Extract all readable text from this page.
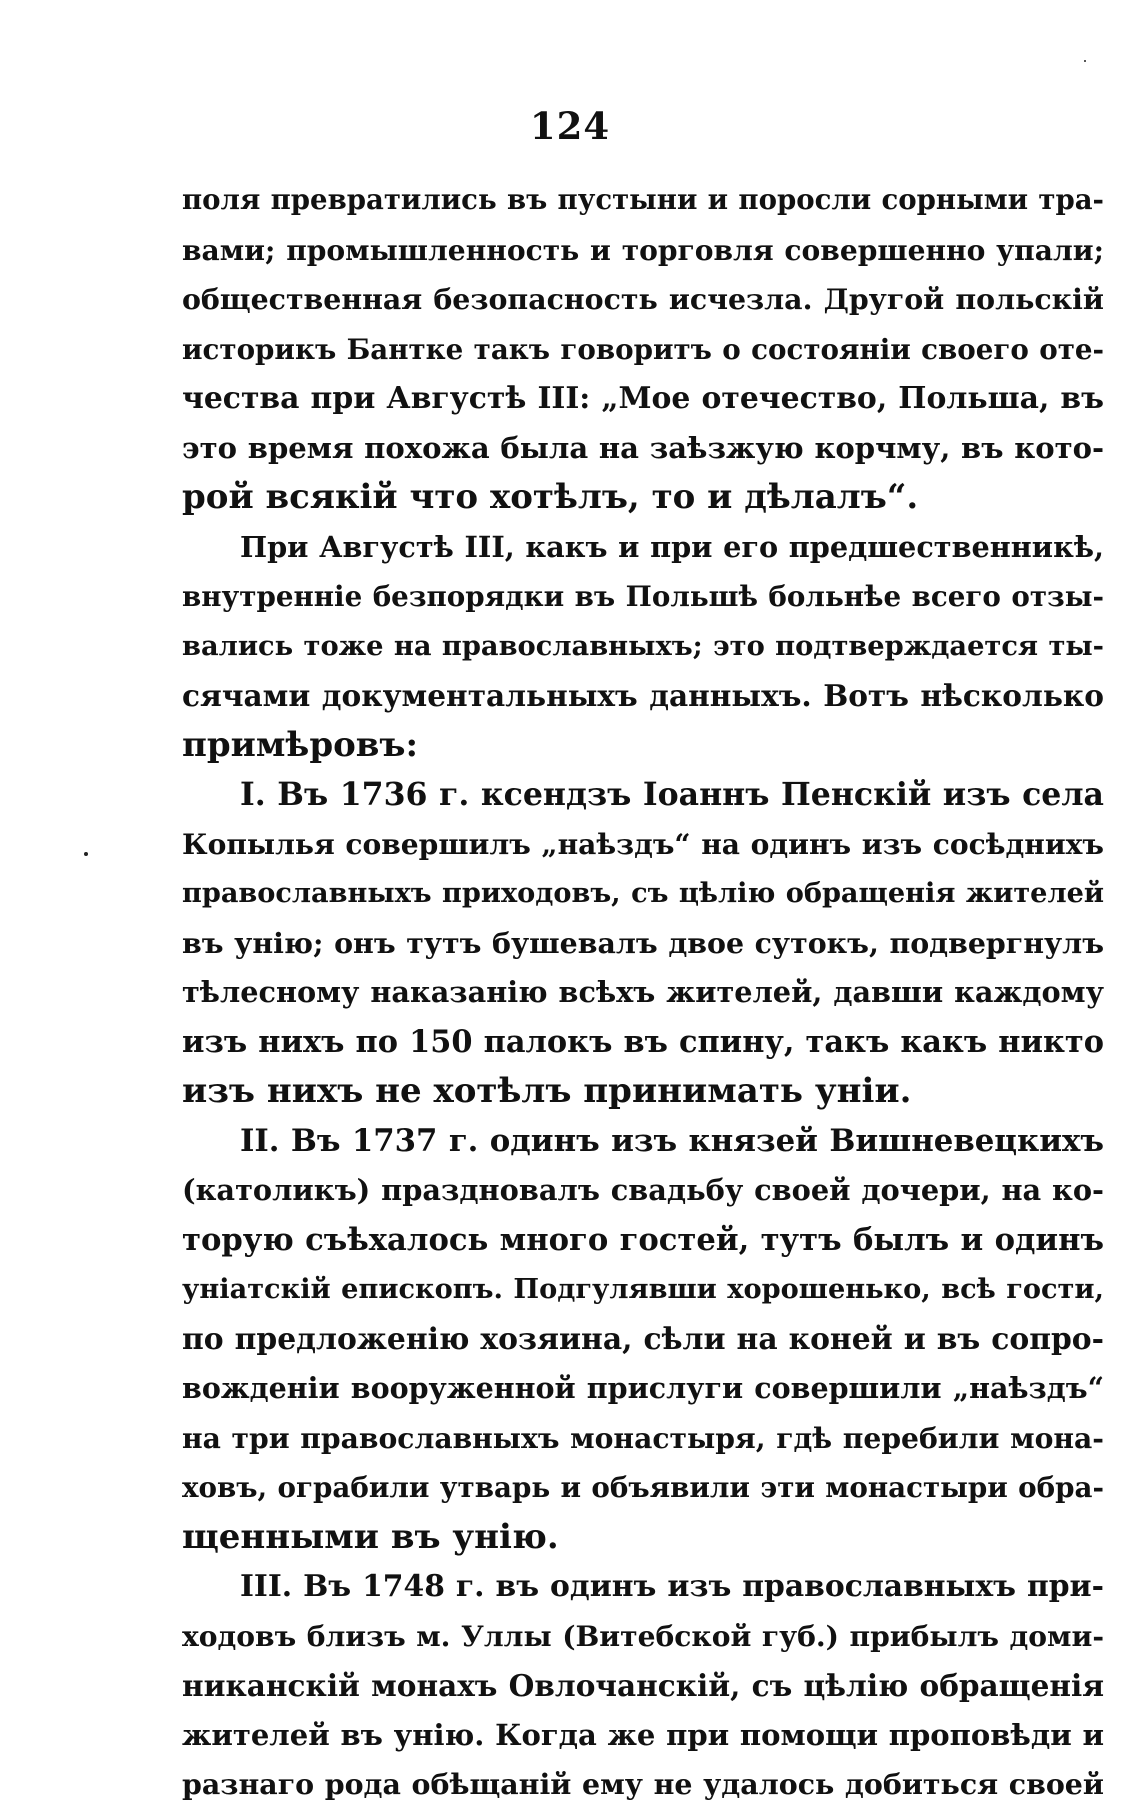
124
поля превратились въ пустыни и поросли сорными тра-
вами; промышленность и торговля совершенно упали;
общественная безопасность исчезла. Другой польскій
историкъ Бантке такъ говоритъ о состояніи своего оте-
чества при Августѣ III: „Мое отечество, Польша, въ
это время похожа была на заѣзжую корчму, въ кото-
рой всякій что хотѣлъ, то и дѣлалъ“.
При Августѣ III, какъ и при его предшественникѣ,
внутренніе безпорядки въ Польшѣ больнѣе всего отзы-
вались тоже на православныхъ; это подтверждается ты-
сячами документальныхъ данныхъ. Вотъ нѣсколько
примѣровъ:
I. Въ 1736 г. ксендзъ Іоаннъ Пенскій изъ села
Копылья совершилъ „наѣздъ“ на одинъ изъ сосѣднихъ
православныхъ приходовъ, съ цѣлію обращенія жителей
въ унію; онъ тутъ бушевалъ двое сутокъ, подвергнулъ
тѣлесному наказанію всѣхъ жителей, давши каждому
изъ нихъ по 150 палокъ въ спину, такъ какъ никто
изъ нихъ не хотѣлъ принимать уніи.
II. Въ 1737 г. одинъ изъ князей Вишневецкихъ
(католикъ) праздновалъ свадьбу своей дочери, на ко-
торую съѣхалось много гостей, тутъ былъ и одинъ
уніатскій епископъ. Подгулявши хорошенько, всѣ гости,
по предложенію хозяина, сѣли на коней и въ сопро-
вожденіи вооруженной прислуги совершили „наѣздъ“
на три православныхъ монастыря, гдѣ перебили мона-
ховъ, ограбили утварь и объявили эти монастыри обра-
щенными въ унію.
III. Въ 1748 г. въ одинъ изъ православныхъ при-
ходовъ близъ м. Уллы (Витебской губ.) прибылъ доми-
никанскій монахъ Овлочанскій, съ цѣлію обращенія
жителей въ унію. Когда же при помощи проповѣди и
разнаго рода обѣщаній ему не удалось добиться своей
